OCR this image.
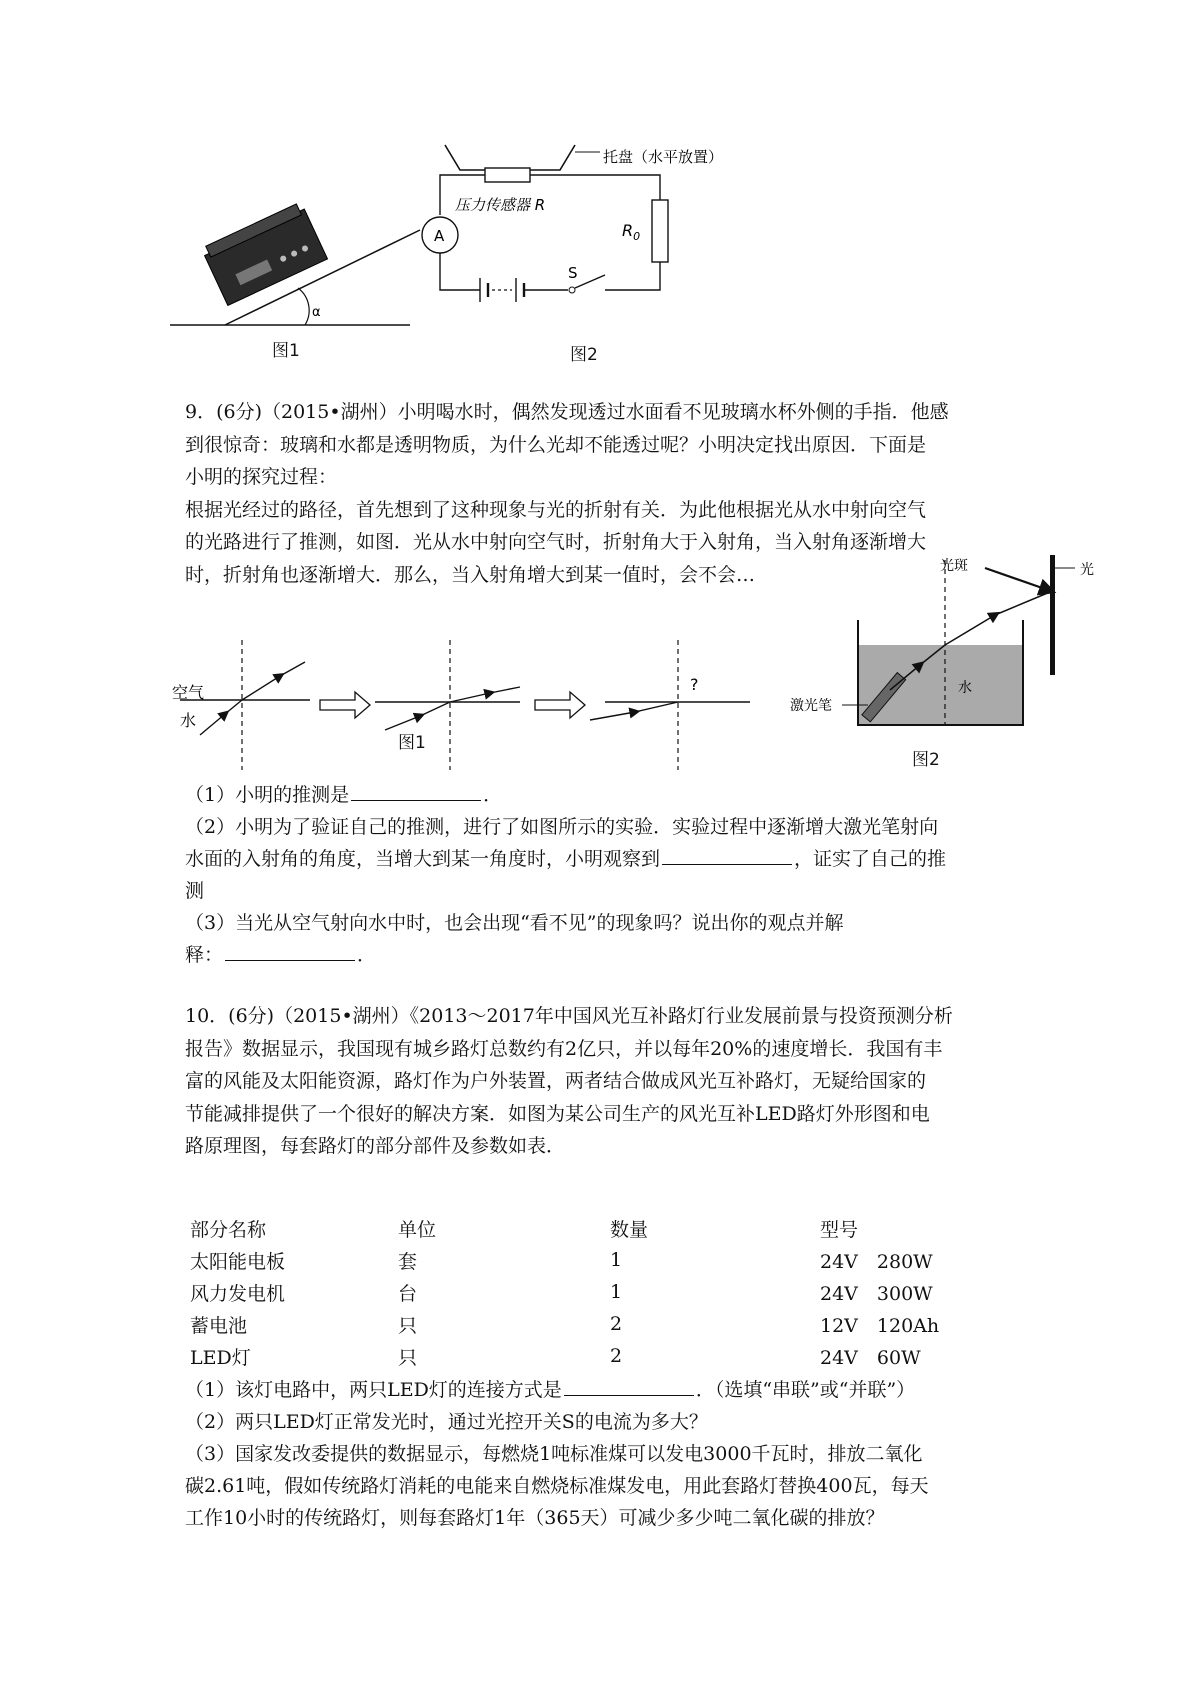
α
图1
托盘（水平放置）
压力传感器 R
A
S
$R_0$
图2

9．(6分)（2015•湖州）小明喝水时，偶然发现透过水面看不见玻璃水杯外侧的手指．他感

到很惊奇：玻璃和水都是透明物质，为什么光却不能透过呢？小明决定找出原因．下面是

小明的探究过程：

根据光经过的路径，首先想到了这种现象与光的折射有关．为此他根据光从水中射向空气

的光路进行了推测，如图．光从水中射向空气时，折射角大于入射角，当入射角逐渐增大

时，折射角也逐渐增大．那么，当入射角增大到某一值时，会不会…

空气
水
?
图1
光
光斑
水
激光笔
图2
（1）小明的推测是	．
（2）小明为了验证自己的推测，进行了如图所示的实验．实验过程中逐渐增大激光笔射向
水面的入射角的角度，当增大到某一角度时，小明观察到	，证实了自己的推
测
（3）当光从空气射向水中时，也会出现“看不见”的现象吗？说出你的观点并解
释：	．

10．(6分)（2015•湖州）《2013～2017年中国风光互补路灯行业发展前景与投资预测分析

报告》数据显示，我国现有城乡路灯总数约有2亿只，并以每年20%的速度增长．我国有丰

富的风能及太阳能资源，路灯作为户外装置，两者结合做成风光互补路灯，无疑给国家的

节能减排提供了一个很好的解决方案．如图为某公司生产的风光互补LED路灯外形图和电

路原理图，每套路灯的部分部件及参数如表．

部分名称	单位	数量	型号
太阳能电板	套	1	24V　280W
风力发电机	台	1	24V　300W
蓄电池	只	2	12V　120Ah
LED灯	只	2	24V　60W
（1）该灯电路中，两只LED灯的连接方式是	．（选填“串联”或“并联”）
（2）两只LED灯正常发光时，通过光控开关S的电流为多大？
（3）国家发改委提供的数据显示，每燃烧1吨标准煤可以发电3000千瓦时，排放二氧化
碳2.61吨，假如传统路灯消耗的电能来自燃烧标准煤发电，用此套路灯替换400瓦，每天
工作10小时的传统路灯，则每套路灯1年（365天）可减少多少吨二氧化碳的排放？
